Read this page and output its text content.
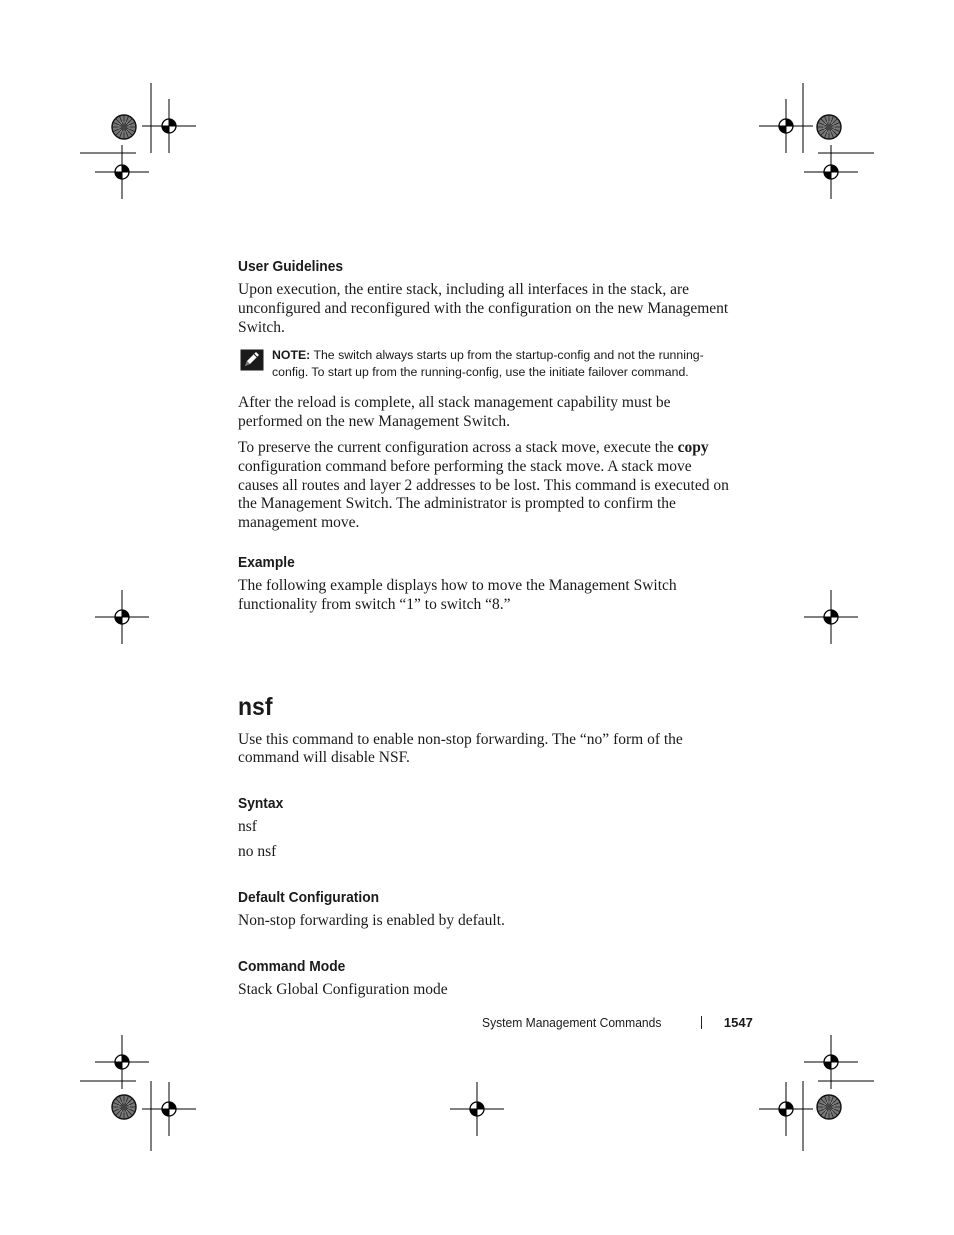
User Guidelines

Upon execution, the entire stack, including all interfaces in the stack, are unconfigured and reconfigured with the configuration on the new Management Switch.

NOTE: The switch always starts up from the startup-config and not the running-config. To start up from the running-config, use the initiate failover command.

After the reload is complete, all stack management capability must be performed on the new Management Switch.

To preserve the current configuration across a stack move, execute the copy configuration command before performing the stack move. A stack move causes all routes and layer 2 addresses to be lost. This command is executed on the Management Switch. The administrator is prompted to confirm the management move.

Example

The following example displays how to move the Management Switch functionality from switch “1” to switch “8.”

nsf

Use this command to enable non-stop forwarding. The “no” form of the command will disable NSF.

Syntax
nsf
no nsf
Default Configuration

Non-stop forwarding is enabled by default.

Command Mode

Stack Global Configuration mode

System Management Commands	1547
